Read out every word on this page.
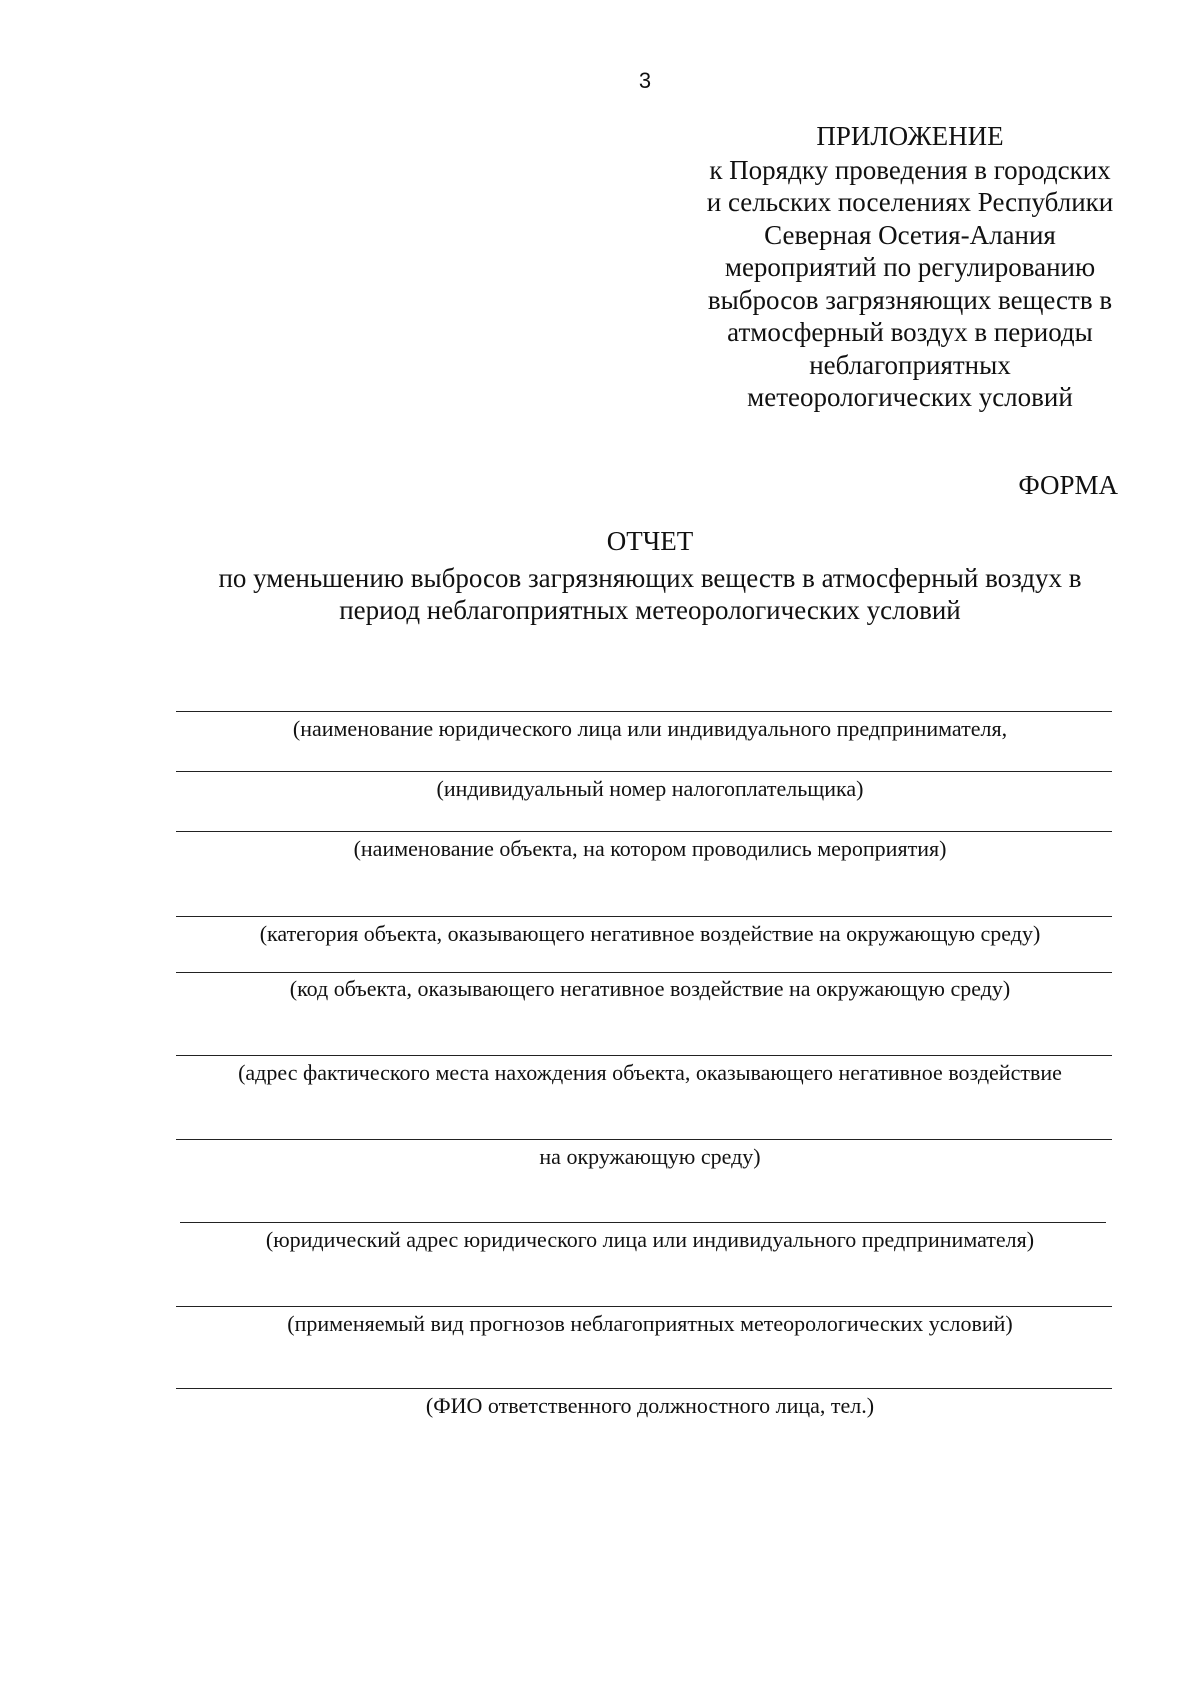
3
ПРИЛОЖЕНИЕ
к Порядку проведения в городских
и сельских поселениях Республики
Северная Осетия-Алания
мероприятий по регулированию
выбросов загрязняющих веществ в
атмосферный воздух в периоды
неблагоприятных
метеорологических условий
ФОРМА
ОТЧЕТ
по уменьшению выбросов загрязняющих веществ в атмосферный воздух в
период неблагоприятных метеорологических условий
(наименование юридического лица или индивидуального предпринимателя,
(индивидуальный номер налогоплательщика)
(наименование объекта, на котором проводились мероприятия)
(категория объекта, оказывающего негативное воздействие на окружающую среду)
(код объекта, оказывающего негативное воздействие на окружающую среду)
(адрес фактического места нахождения объекта, оказывающего негативное воздействие
на окружающую среду)
(юридический адрес юридического лица или индивидуального предпринимателя)
(применяемый вид прогнозов неблагоприятных метеорологических условий)
(ФИО ответственного должностного лица, тел.)
